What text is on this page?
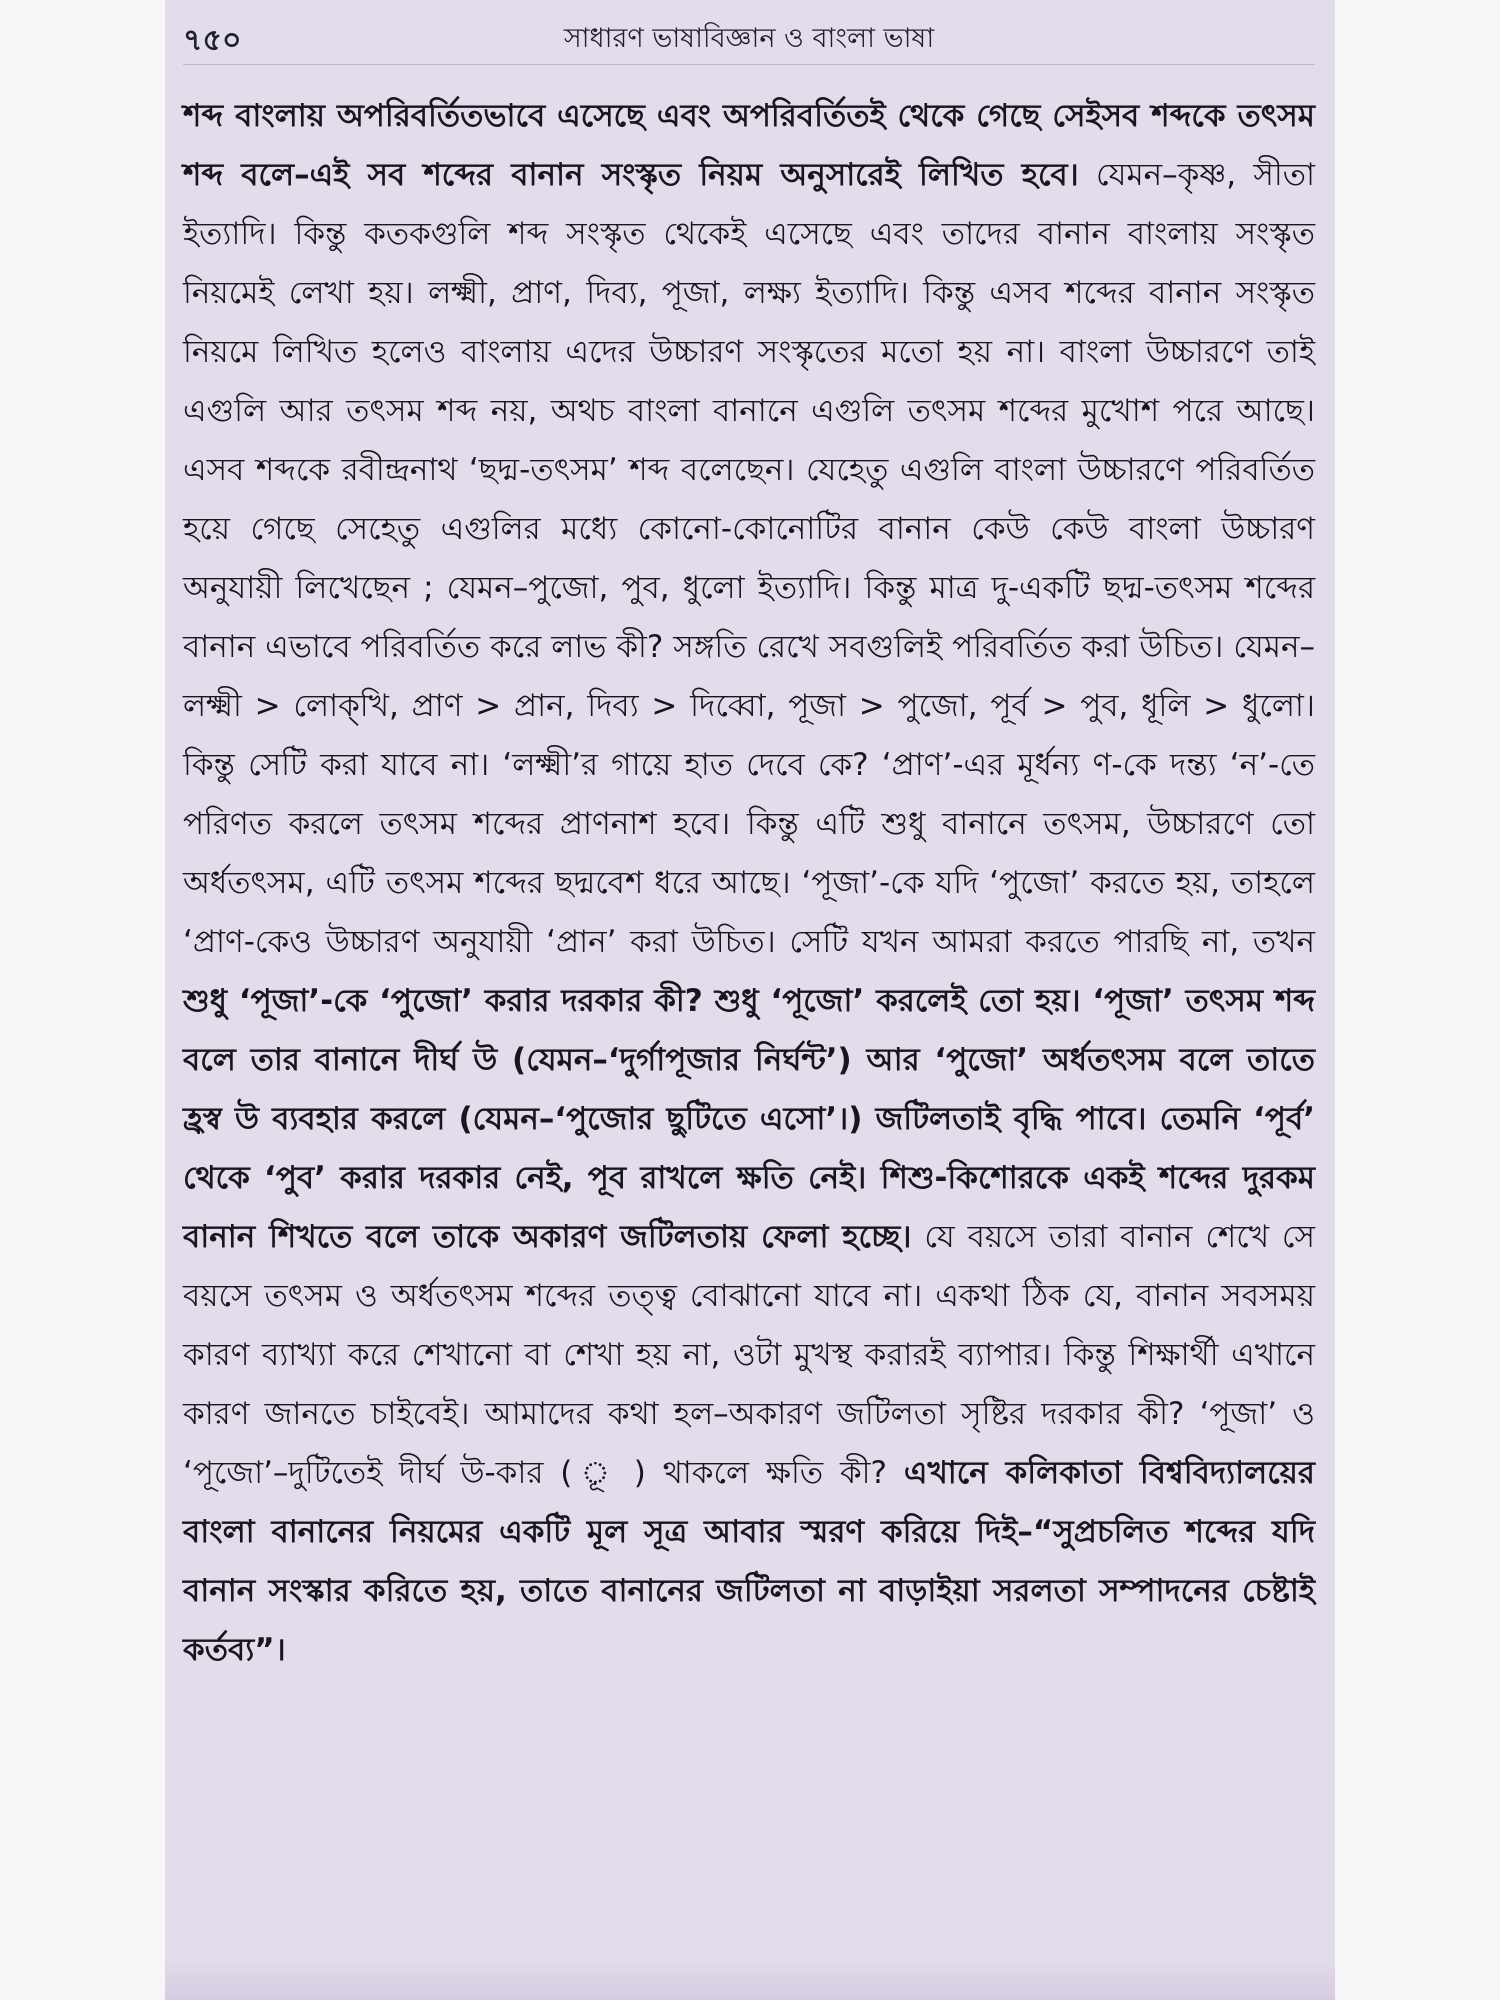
৭৫০	সাধারণ ভাষাবিজ্ঞান ও বাংলা ভাষা
শব্দ বাংলায় অপরিবর্তিতভাবে এসেছে এবং অপরিবর্তিতই থেকে গেছে সেইসব শব্দকে তৎসম শব্দ বলে–এই সব শব্দের বানান সংস্কৃত নিয়ম অনুসারেই লিখিত হবে। যেমন–কৃষ্ণ, সীতা ইত্যাদি। কিন্তু কতকগুলি শব্দ সংস্কৃত থেকেই এসেছে এবং তাদের বানান বাংলায় সংস্কৃত নিয়মেই লেখা হয়। লক্ষ্মী, প্রাণ, দিব্য, পূজা, লক্ষ্য ইত্যাদি। কিন্তু এসব শব্দের বানান সংস্কৃত নিয়মে লিখিত হলেও বাংলায় এদের উচ্চারণ সংস্কৃতের মতো হয় না। বাংলা উচ্চারণে তাই এগুলি আর তৎসম শব্দ নয়, অথচ বাংলা বানানে এগুলি তৎসম শব্দের মুখোশ পরে আছে। এসব শব্দকে রবীন্দ্রনাথ ‘ছদ্ম-তৎসম’ শব্দ বলেছেন। যেহেতু এগুলি বাংলা উচ্চারণে পরিবর্তিত হয়ে গেছে সেহেতু এগুলির মধ্যে কোনো-কোনোটির বানান কেউ কেউ বাংলা উচ্চারণ অনুযায়ী লিখেছেন ; যেমন–পুজো, পুব, ধুলো ইত্যাদি। কিন্তু মাত্র দু-একটি ছদ্ম-তৎসম শব্দের বানান এভাবে পরিবর্তিত করে লাভ কী? সঙ্গতি রেখে সবগুলিই পরিবর্তিত করা উচিত। যেমন–লক্ষ্মী > লোক্‌খি, প্রাণ > প্রান, দিব্য > দিব্বো, পূজা > পুজো, পূর্ব > পুব, ধূলি > ধুলো। কিন্তু সেটি করা যাবে না। ‘লক্ষ্মী’র গায়ে হাত দেবে কে? ‘প্রাণ’-এর মূর্ধন্য ণ-কে দন্ত্য ‘ন’-তে পরিণত করলে তৎসম শব্দের প্রাণনাশ হবে। কিন্তু এটি শুধু বানানে তৎসম, উচ্চারণে তো অর্ধতৎসম, এটি তৎসম শব্দের ছদ্মবেশ ধরে আছে। ‘পূজা’-কে যদি ‘পুজো’ করতে হয়, তাহলে ‘প্রাণ-কেও উচ্চারণ অনুযায়ী ‘প্রান’ করা উচিত। সেটি যখন আমরা করতে পারছি না, তখন শুধু ‘পূজা’-কে ‘পুজো’ করার দরকার কী? শুধু ‘পূজো’ করলেই তো হয়। ‘পূজা’ তৎসম শব্দ বলে তার বানানে দীর্ঘ উ (যেমন–‘দুর্গাপূজার নির্ঘন্ট’) আর ‘পুজো’ অর্ধতৎসম বলে তাতে হ্রস্ব উ ব্যবহার করলে (যেমন–‘পুজোর ছুটিতে এসো’।) জটিলতাই বৃদ্ধি পাবে। তেমনি ‘পূর্ব’ থেকে ‘পুব’ করার দরকার নেই, পূব রাখলে ক্ষতি নেই। শিশু-কিশোরকে একই শব্দের দুরকম বানান শিখতে বলে তাকে অকারণ জটিলতায় ফেলা হচ্ছে। যে বয়সে তারা বানান শেখে সে বয়সে তৎসম ও অর্ধতৎসম শব্দের তত্ত্ব বোঝানো যাবে না। একথা ঠিক যে, বানান সবসময় কারণ ব্যাখ্যা করে শেখানো বা শেখা হয় না, ওটা মুখস্থ করারই ব্যাপার। কিন্তু শিক্ষার্থী এখানে কারণ জানতে চাইবেই। আমাদের কথা হল–অকারণ জটিলতা সৃষ্টির দরকার কী? ‘পূজা’ ও ‘পূজো’–দুটিতেই দীর্ঘ উ-কার ( ূ ) থাকলে ক্ষতি কী? এখানে কলিকাতা বিশ্ববিদ্যালয়ের বাংলা বানানের নিয়মের একটি মূল সূত্র আবার স্মরণ করিয়ে দিই–“সুপ্রচলিত শব্দের যদি বানান সংস্কার করিতে হয়, তাতে বানানের জটিলতা না বাড়াইয়া সরলতা সম্পাদনের চেষ্টাই কর্তব্য”।
